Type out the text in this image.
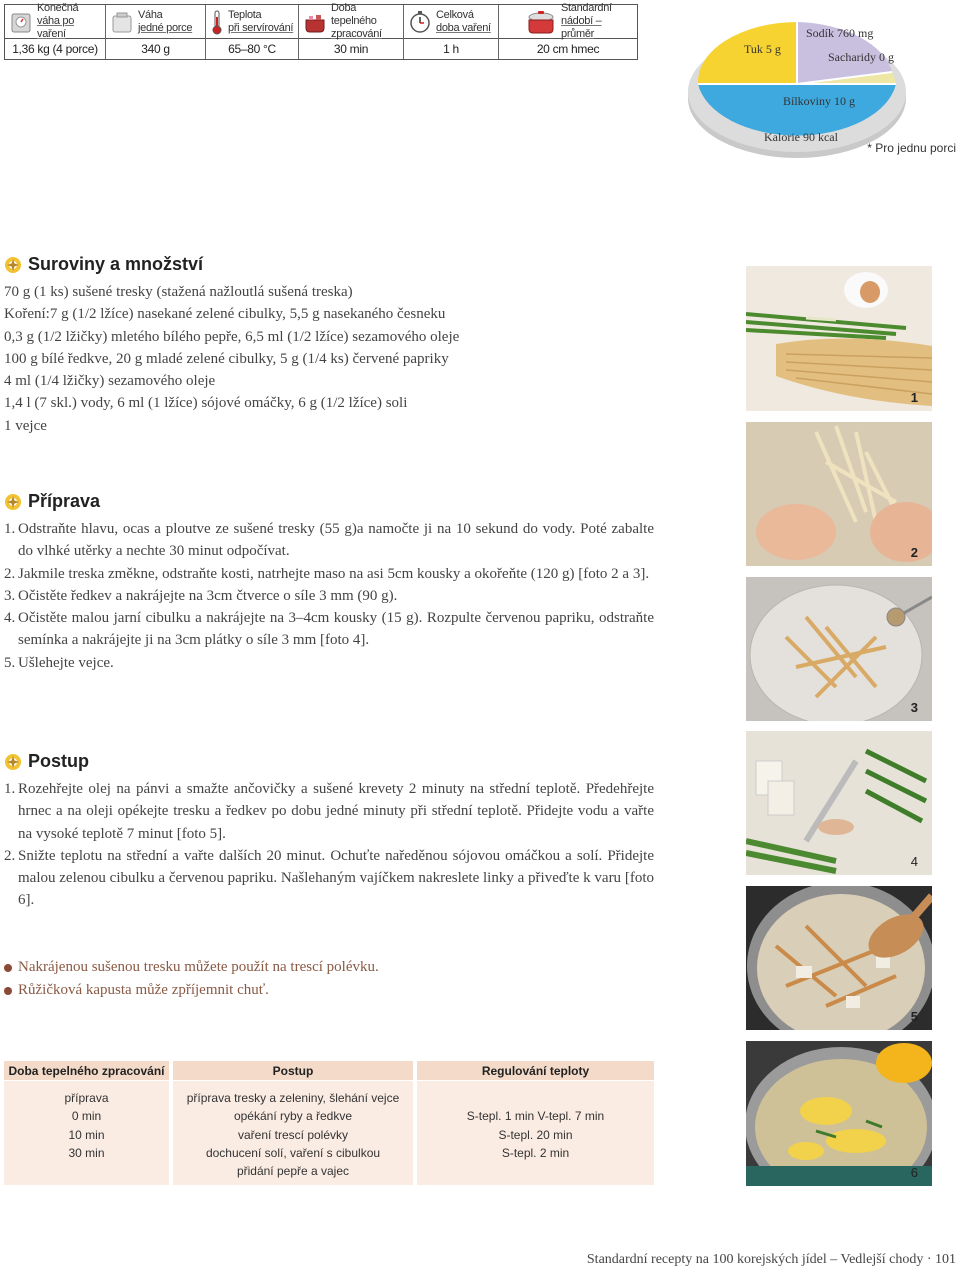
Konečná
váha po vaření
1,36 kg (4 porce)
Váha
jedné porce
340 g
Teplota
při servírování
65–80 °C
Doba tepelného
zpracování
30 min
Celková
doba vaření
1 h
Standardní
nádobí – průměr
20 cm hmec	Tuk 5 g
Sodík 760 mg
Sacharidy 0 g
Bílkoviny 10 g
Kalorie 90 kcal
* Pro jednu porci
Suroviny a množství
70 g (1 ks) sušené tresky (stažená nažloutlá sušená treska)
Koření:7 g (1/2 lžíce) nasekané zelené cibulky, 5,5 g nasekaného česneku
0,3 g (1/2 lžičky) mletého bílého pepře, 6,5 ml (1/2 lžíce) sezamového oleje
100 g bílé ředkve, 20 g mladé zelené cibulky, 5 g (1/4 ks) červené papriky
4 ml (1/4 lžičky) sezamového oleje
1,4 l (7 skl.) vody, 6 ml (1 lžíce) sójové omáčky, 6 g (1/2 lžíce) soli
1 vejce
Příprava
1. Odstraňte hlavu, ocas a ploutve ze sušené tresky (55 g)a namočte ji na 10 sekund do vody. Poté zabalte do vlhké utěrky a nechte 30 minut odpočívat.
2. Jakmile treska změkne, odstraňte kosti, natrhejte maso na asi 5cm kousky a okořeňte (120 g) [foto 2 a 3].
3. Očistěte ředkev a nakrájejte na 3cm čtverce o síle 3 mm (90 g).
4. Očistěte malou jarní cibulku a nakrájejte na 3–4cm kousky (15 g). Rozpulte červenou papriku, odstraňte semínka a nakrájejte ji na 3cm plátky o síle 3 mm [foto 4].
5. Ušlehejte vejce.
Postup
1. Rozehřejte olej na pánvi a smažte ančovičky a sušené krevety 2 minuty na střední teplotě. Předehřejte hrnec a na oleji opékejte tresku a ředkev po dobu jedné minuty při střední teplotě. Přidejte vodu a vařte na vysoké teplotě 7 minut [foto 5].
2. Snižte teplotu na střední a vařte dalších 20 minut. Ochuťte naředěnou sójovou omáčkou a solí. Přidejte malou zelenou cibulku a červenou papriku. Našlehaným vajíčkem nakreslete linky a přiveďte k varu [foto 6].
Nakrájenou sušenou tresku můžete použít na trescí polévku.
Růžičková kapusta může zpříjemnit chuť.
Doba tepelného zpracování
příprava
0 min
10 min
30 min
Postup
příprava tresky a zeleniny, šlehání vejce
opékání ryby a ředkve
vaření trescí polévky
dochucení solí, vaření s cibulkou
přidání pepře a vajec
Regulování teploty
S-tepl. 1 min V-tepl. 7 min
S-tepl. 20 min
S-tepl. 2 min
1
2
3
4
5
6
Standardní recepty na 100 korejských jídel – Vedlejší chody · 101
